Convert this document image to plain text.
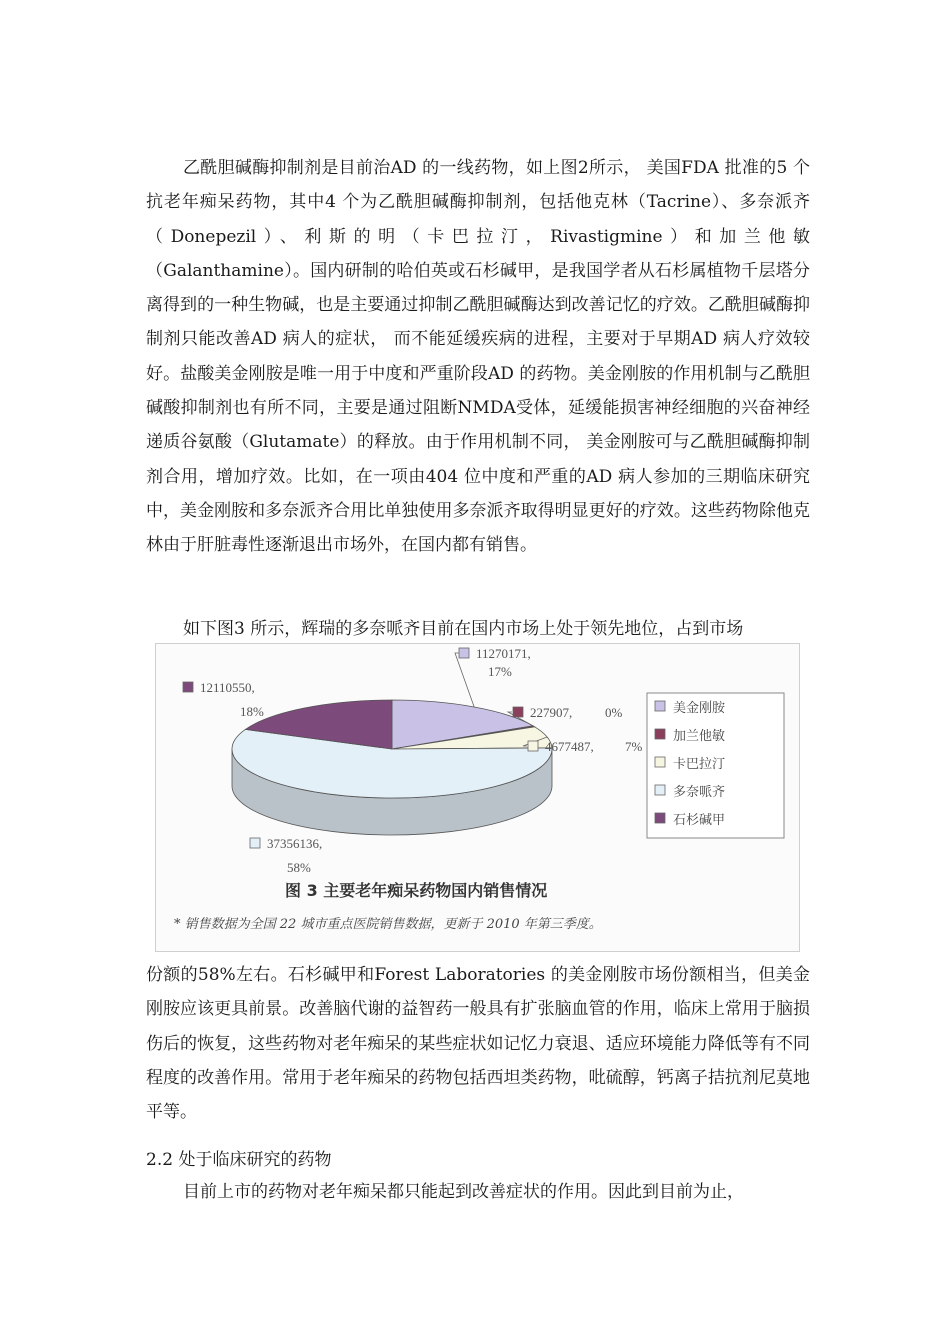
乙酰胆碱酶抑制剂是目前治AD 的一线药物，如上图2所示， 美国FDA 批准的5 个抗老年痴呆药物，其中4 个为乙酰胆碱酶抑制剂，包括他克林（Tacrine）、多奈派齐（Donepezil）、利斯的明（卡巴拉汀，Rivastigmine）和加兰他敏（Galanthamine）。国内研制的哈伯英或石杉碱甲，是我国学者从石杉属植物千层塔分离得到的一种生物碱，也是主要通过抑制乙酰胆碱酶达到改善记忆的疗效。乙酰胆碱酶抑制剂只能改善AD 病人的症状， 而不能延缓疾病的进程，主要对于早期AD 病人疗效较好。盐酸美金刚胺是唯一用于中度和严重阶段AD 的药物。美金刚胺的作用机制与乙酰胆碱酸抑制剂也有所不同，主要是通过阻断NMDA受体，延缓能损害神经细胞的兴奋神经递质谷氨酸（Glutamate）的释放。由于作用机制不同， 美金刚胺可与乙酰胆碱酶抑制剂合用，增加疗效。比如，在一项由404 位中度和严重的AD 病人参加的三期临床研究中，美金刚胺和多奈派齐合用比单独使用多奈派齐取得明显更好的疗效。这些药物除他克林由于肝脏毒性逐渐退出市场外，在国内都有销售。

如下图3 所示，辉瑞的多奈哌齐目前在国内市场上处于领先地位，占到市场

11270171,
17%
227907,	0%
4677487, 7%
12110550,
18%
37356136,
58%
美金刚胺
加兰他敏
卡巴拉汀
多奈哌齐
石杉碱甲
图 3 主要老年痴呆药物国内销售情况
* 销售数据为全国 22 城市重点医院销售数据，更新于 2010 年第三季度。

份额的58%左右。石杉碱甲和Forest Laboratories 的美金刚胺市场份额相当，但美金刚胺应该更具前景。改善脑代谢的益智药一般具有扩张脑血管的作用，临床上常用于脑损伤后的恢复，这些药物对老年痴呆的某些症状如记忆力衰退、适应环境能力降低等有不同程度的改善作用。常用于老年痴呆的药物包括西坦类药物，吡硫醇，钙离子拮抗剂尼莫地平等。

2.2 处于临床研究的药物

目前上市的药物对老年痴呆都只能起到改善症状的作用。因此到目前为止，
